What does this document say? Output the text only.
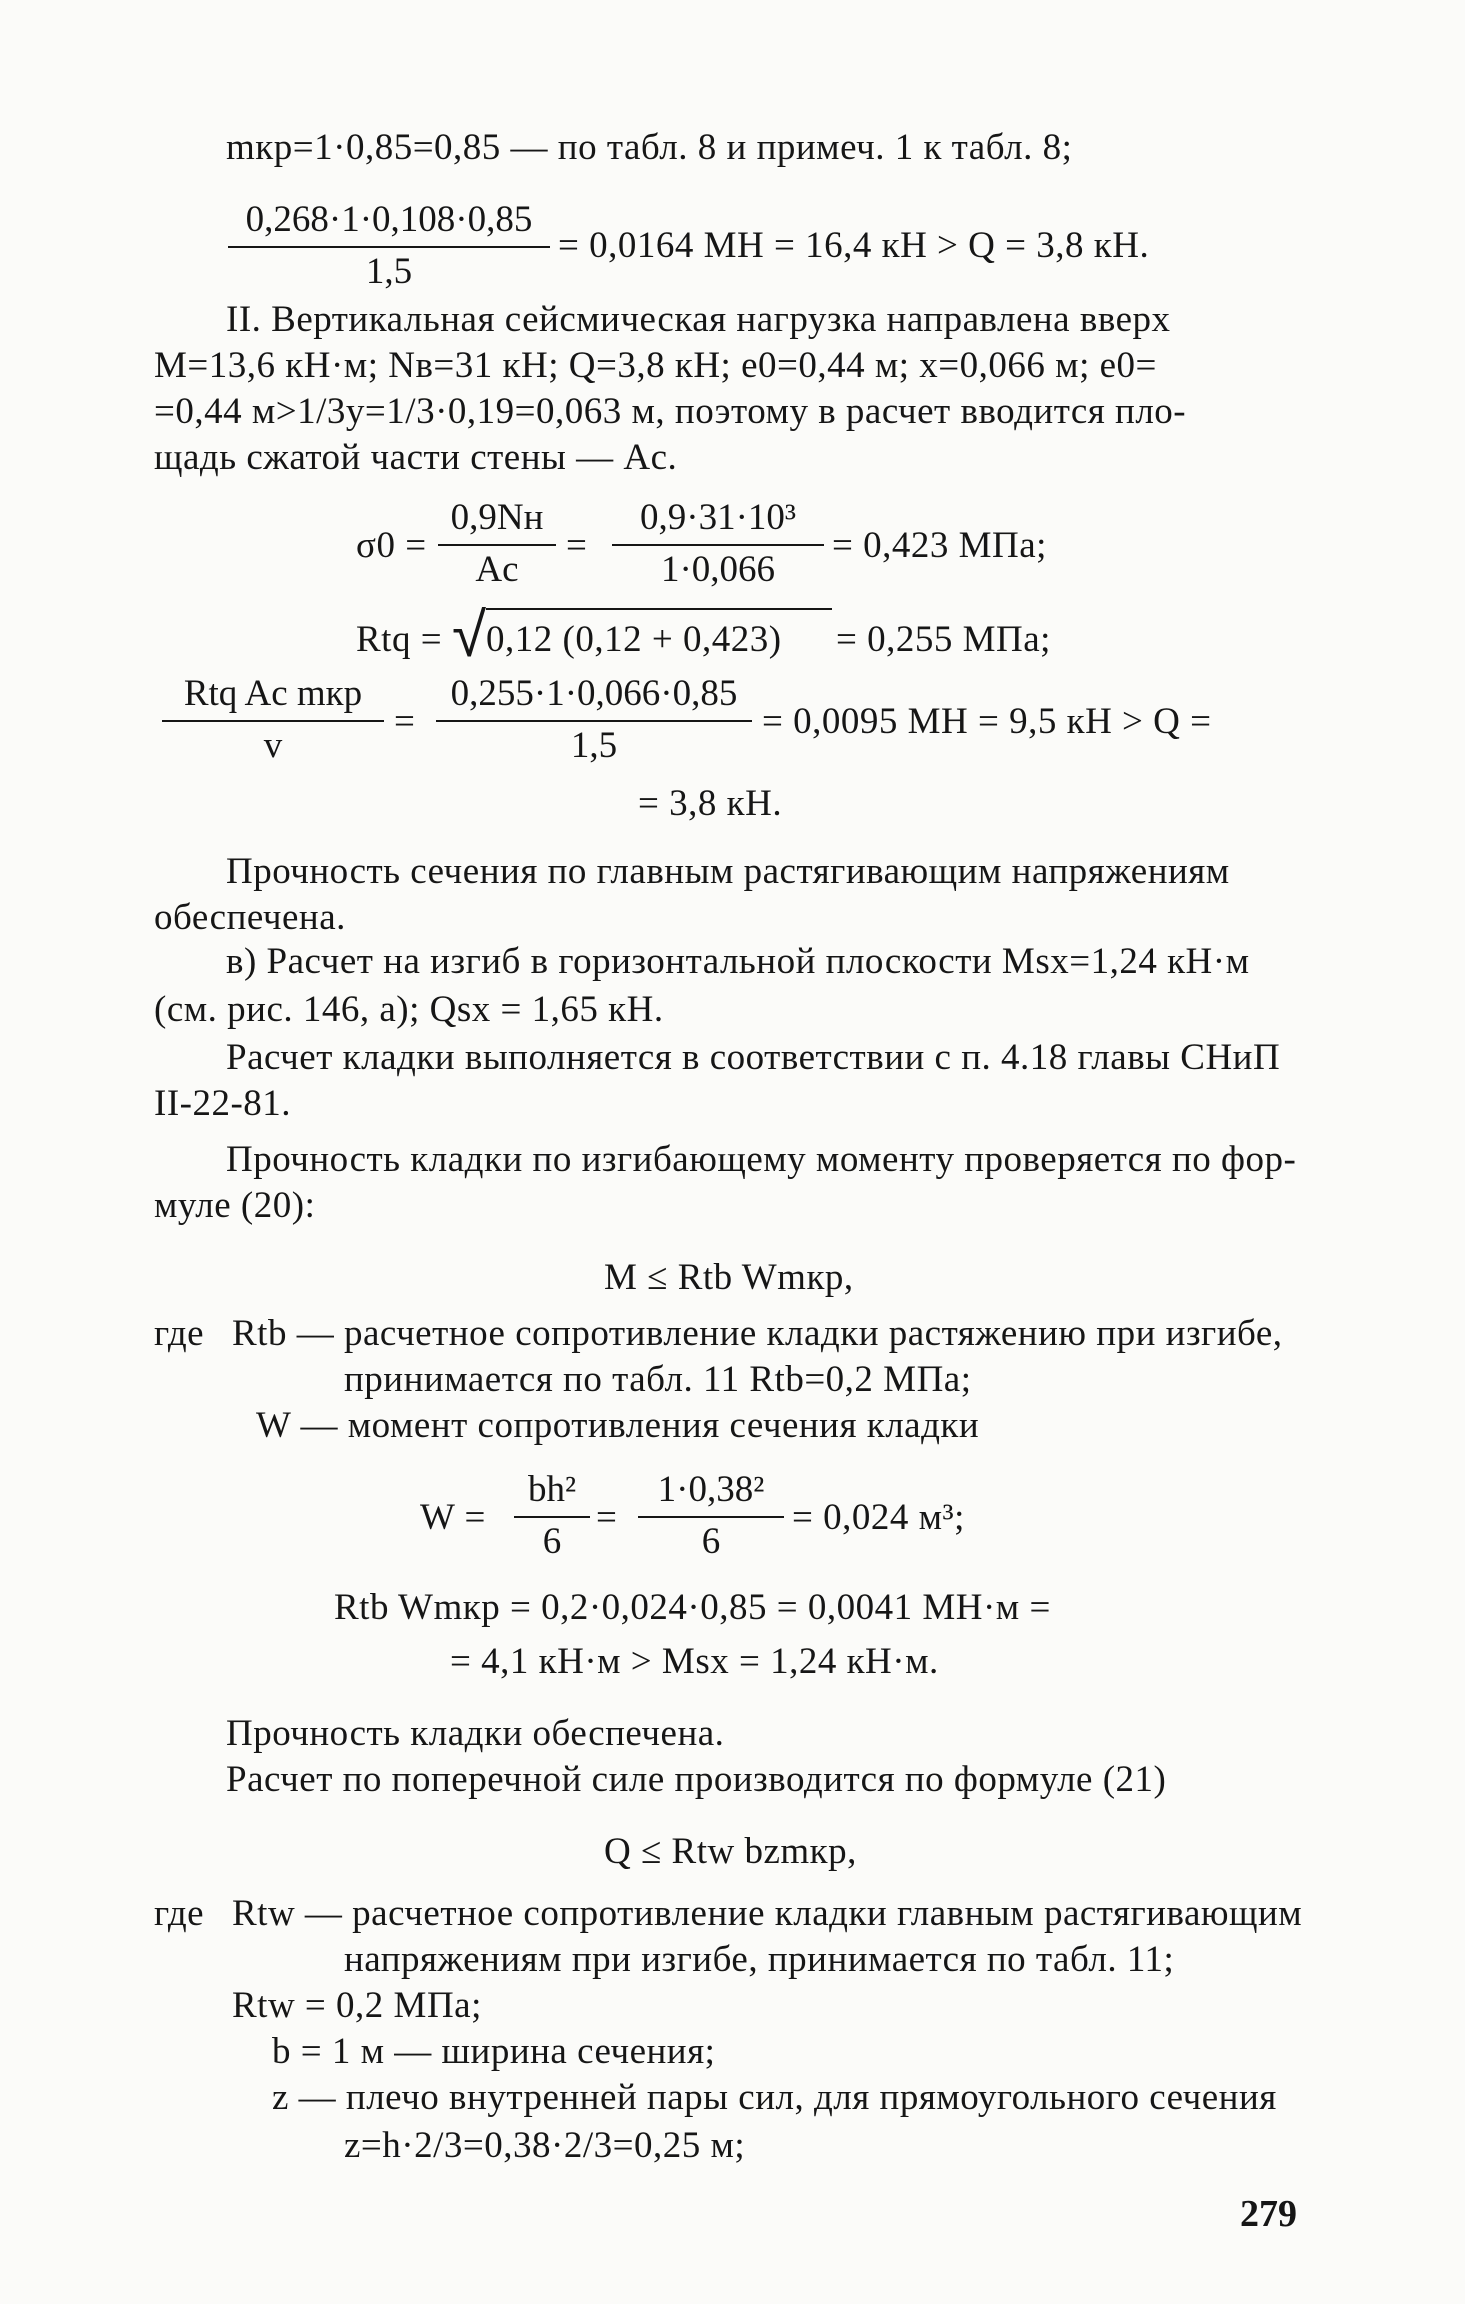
mкр=1·0,85=0,85 — по табл. 8 и примеч. 1 к табл. 8;
0,268·1·0,108·0,85
1,5
= 0,0164 МН = 16,4 кН > Q = 3,8 кН.
II. Вертикальная сейсмическая нагрузка направлена вверх
M=13,6 кН·м; Nв=31 кН; Q=3,8 кН; e0=0,44 м; x=0,066 м; e0=
=0,44 м>1/3y=1/3·0,19=0,063 м, поэтому в расчет вводится пло-
щадь сжатой части стены — Aс.
σ0 =
0,9Nн
Aс
=
0,9·31·10³
1·0,066
= 0,423 МПа;
Rtq = √ 0,12 (0,12 + 0,423) = 0,255 МПа;
Rtq Aс mкр
v
=
0,255·1·0,066·0,85
1,5
= 0,0095 МН = 9,5 кН > Q =
= 3,8 кН.
Прочность сечения по главным растягивающим напряжениям
обеспечена.
в) Расчет на изгиб в горизонтальной плоскости Msx=1,24 кН·м
(см. рис. 146, а); Qsx = 1,65 кН.
Расчет кладки выполняется в соответствии с п. 4.18 главы СНиП
II-22-81.
Прочность кладки по изгибающему моменту проверяется по фор-
муле (20):
M ≤ Rtb Wmкр,
где Rtb — расчетное сопротивление кладки растяжению при изгибе,
принимается по табл. 11 Rtb=0,2 МПа;
W — момент сопротивления сечения кладки
W =
bh²
6
=
1·0,38²
6
= 0,024 м³;
Rtb Wmкр = 0,2·0,024·0,85 = 0,0041 МН·м =
= 4,1 кН·м > Msx = 1,24 кН·м.
Прочность кладки обеспечена.
Расчет по поперечной силе производится по формуле (21)
Q ≤ Rtw bzmкр,
где Rtw — расчетное сопротивление кладки главным растягивающим
напряжениям при изгибе, принимается по табл. 11;
Rtw = 0,2 МПа;
b = 1 м — ширина сечения;
z — плечо внутренней пары сил, для прямоугольного сечения
z=h·2/3=0,38·2/3=0,25 м;
279
